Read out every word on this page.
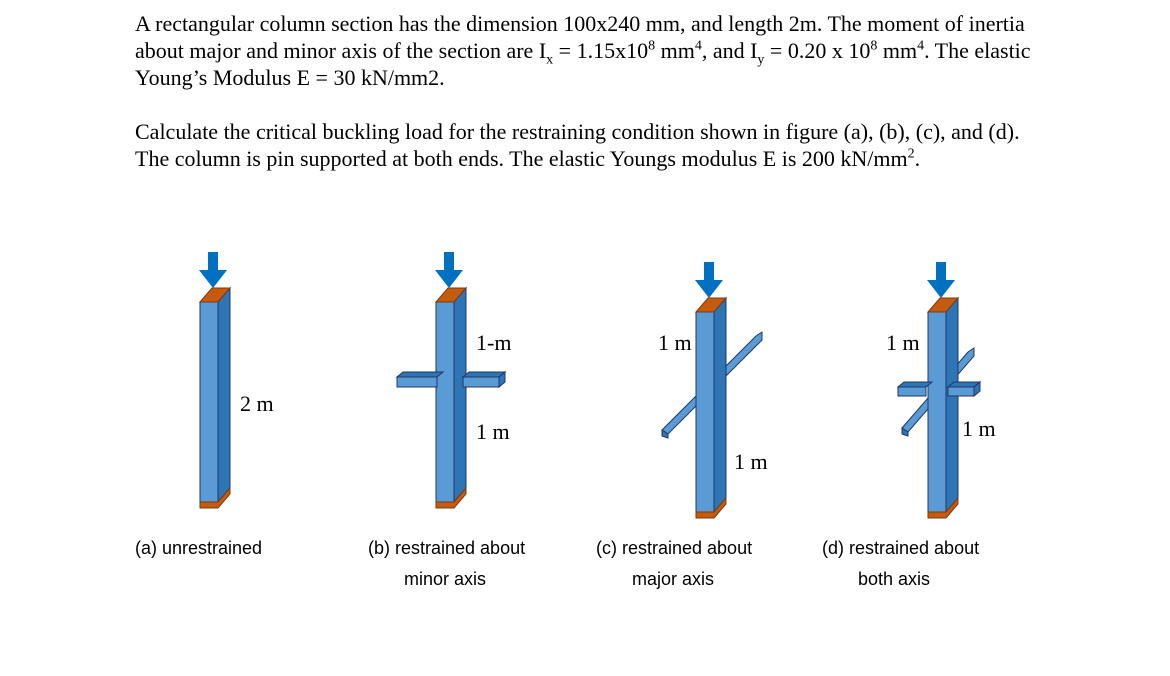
A rectangular column section has the dimension 100x240 mm, and length 2m. The moment of inertia about major and minor axis of the section are $I_x = 1.15x10^8$ $mm^4$, and $I_y = 0.20$ x $10^8$ $mm^4$. The elastic Young’s Modulus E = 30 kN/mm2.
Calculate the critical buckling load for the restraining condition shown in figure (a), (b), (c), and (d). The column is pin supported at both ends. The elastic Youngs modulus E is 200 $kN/mm^2$.
2 m
(a) unrestrained
1-m
1 m
(b) restrained about
minor axis
1 m
1 m
(c) restrained about
major axis
1 m
1 m
(d) restrained about
both axis
